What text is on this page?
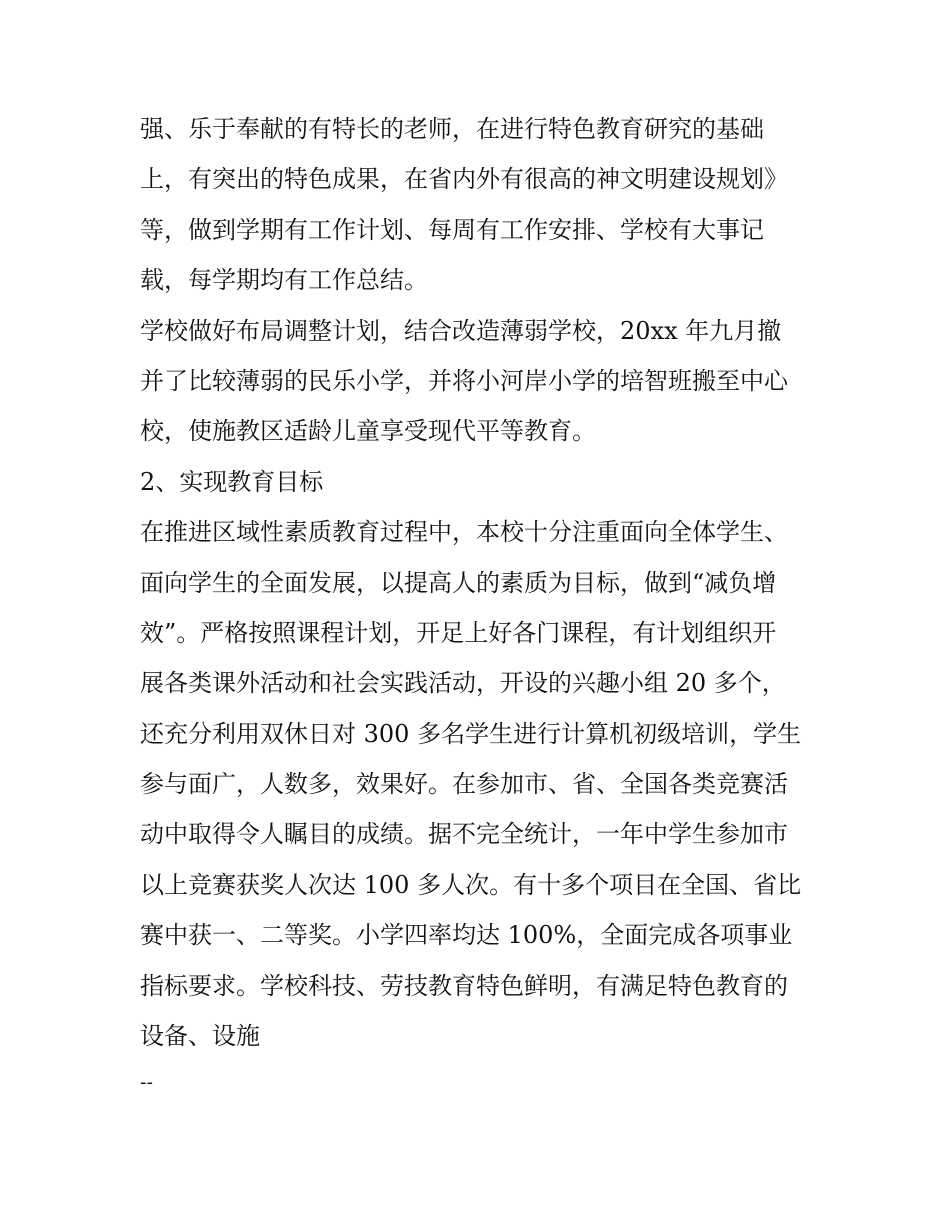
强、乐于奉献的有特长的老师，在进行特色教育研究的基础
上，有突出的特色成果，在省内外有很高的神文明建设规划》
等，做到学期有工作计划、每周有工作安排、学校有大事记
载，每学期均有工作总结。
学校做好布局调整计划，结合改造薄弱学校，20xx 年九月撤
并了比较薄弱的民乐小学，并将小河岸小学的培智班搬至中心
校，使施教区适龄儿童享受现代平等教育。
2、实现教育目标
在推进区域性素质教育过程中，本校十分注重面向全体学生、
面向学生的全面发展，以提高人的素质为目标，做到“减负增
效”。严格按照课程计划，开足上好各门课程，有计划组织开
展各类课外活动和社会实践活动，开设的兴趣小组 20 多个，
还充分利用双休日对 300 多名学生进行计算机初级培训，学生
参与面广，人数多，效果好。在参加市、省、全国各类竞赛活
动中取得令人瞩目的成绩。据不完全统计，一年中学生参加市
以上竞赛获奖人次达 100 多人次。有十多个项目在全国、省比
赛中获一、二等奖。小学四率均达 100%，全面完成各项事业
指标要求。学校科技、劳技教育特色鲜明，有满足特色教育的
设备、设施
--
